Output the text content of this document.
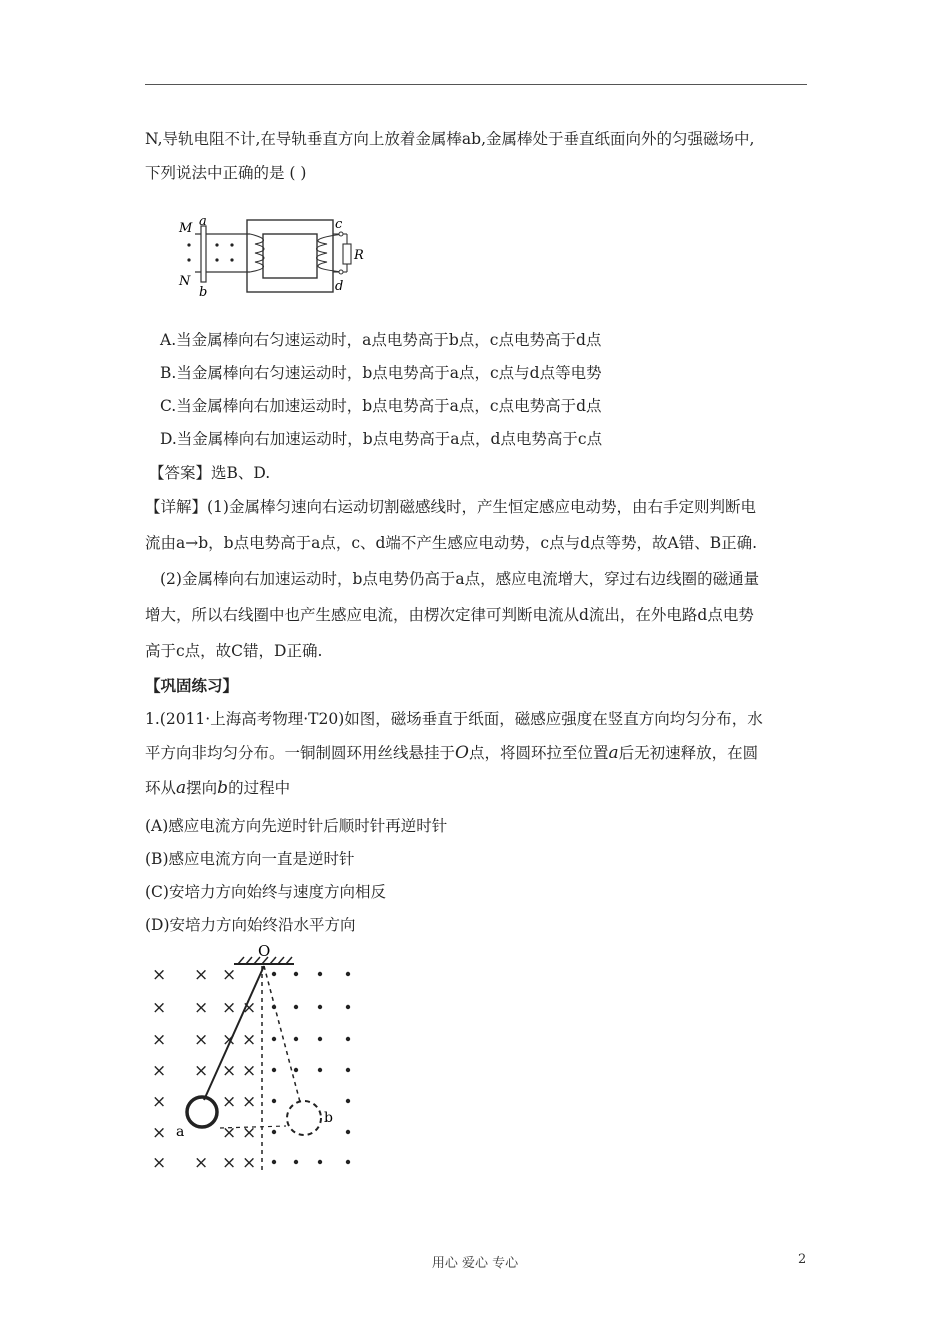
N,导轨电阻不计,在导轨垂直方向上放着金属棒ab,金属棒处于垂直纸面向外的匀强磁场中,
下列说法中正确的是 ( )
M a
N
b
c
d
R
A.当金属棒向右匀速运动时，a点电势高于b点，c点电势高于d点
B.当金属棒向右匀速运动时，b点电势高于a点，c点与d点等电势
C.当金属棒向右加速运动时，b点电势高于a点，c点电势高于d点
D.当金属棒向右加速运动时，b点电势高于a点，d点电势高于c点
【答案】选B、D.
【详解】(1)金属棒匀速向右运动切割磁感线时，产生恒定感应电动势，由右手定则判断电
流由a→b，b点电势高于a点，c、d端不产生感应电动势，c点与d点等势，故A错、B正确.
(2)金属棒向右加速运动时，b点电势仍高于a点，感应电流增大，穿过右边线圈的磁通量
增大，所以右线圈中也产生感应电流，由楞次定律可判断电流从d流出，在外电路d点电势
高于c点，故C错，D正确.
【巩固练习】
1.(2011·上海高考物理·T20)如图，磁场垂直于纸面，磁感应强度在竖直方向均匀分布，水
平方向非均匀分布。一铜制圆环用丝线悬挂于O点，将圆环拉至位置a后无初速释放，在圆
环从a摆向b的过程中
(A)感应电流方向先逆时针后顺时针再逆时针
(B)感应电流方向一直是逆时针
(C)安培力方向始终与速度方向相反
(D)安培力方向始终沿水平方向
O
× × ×
× × × ×
× × × ×
× × × ×
×	× ×
×	× ×
× × × ×
a
b
用心 爱心 专心	2
